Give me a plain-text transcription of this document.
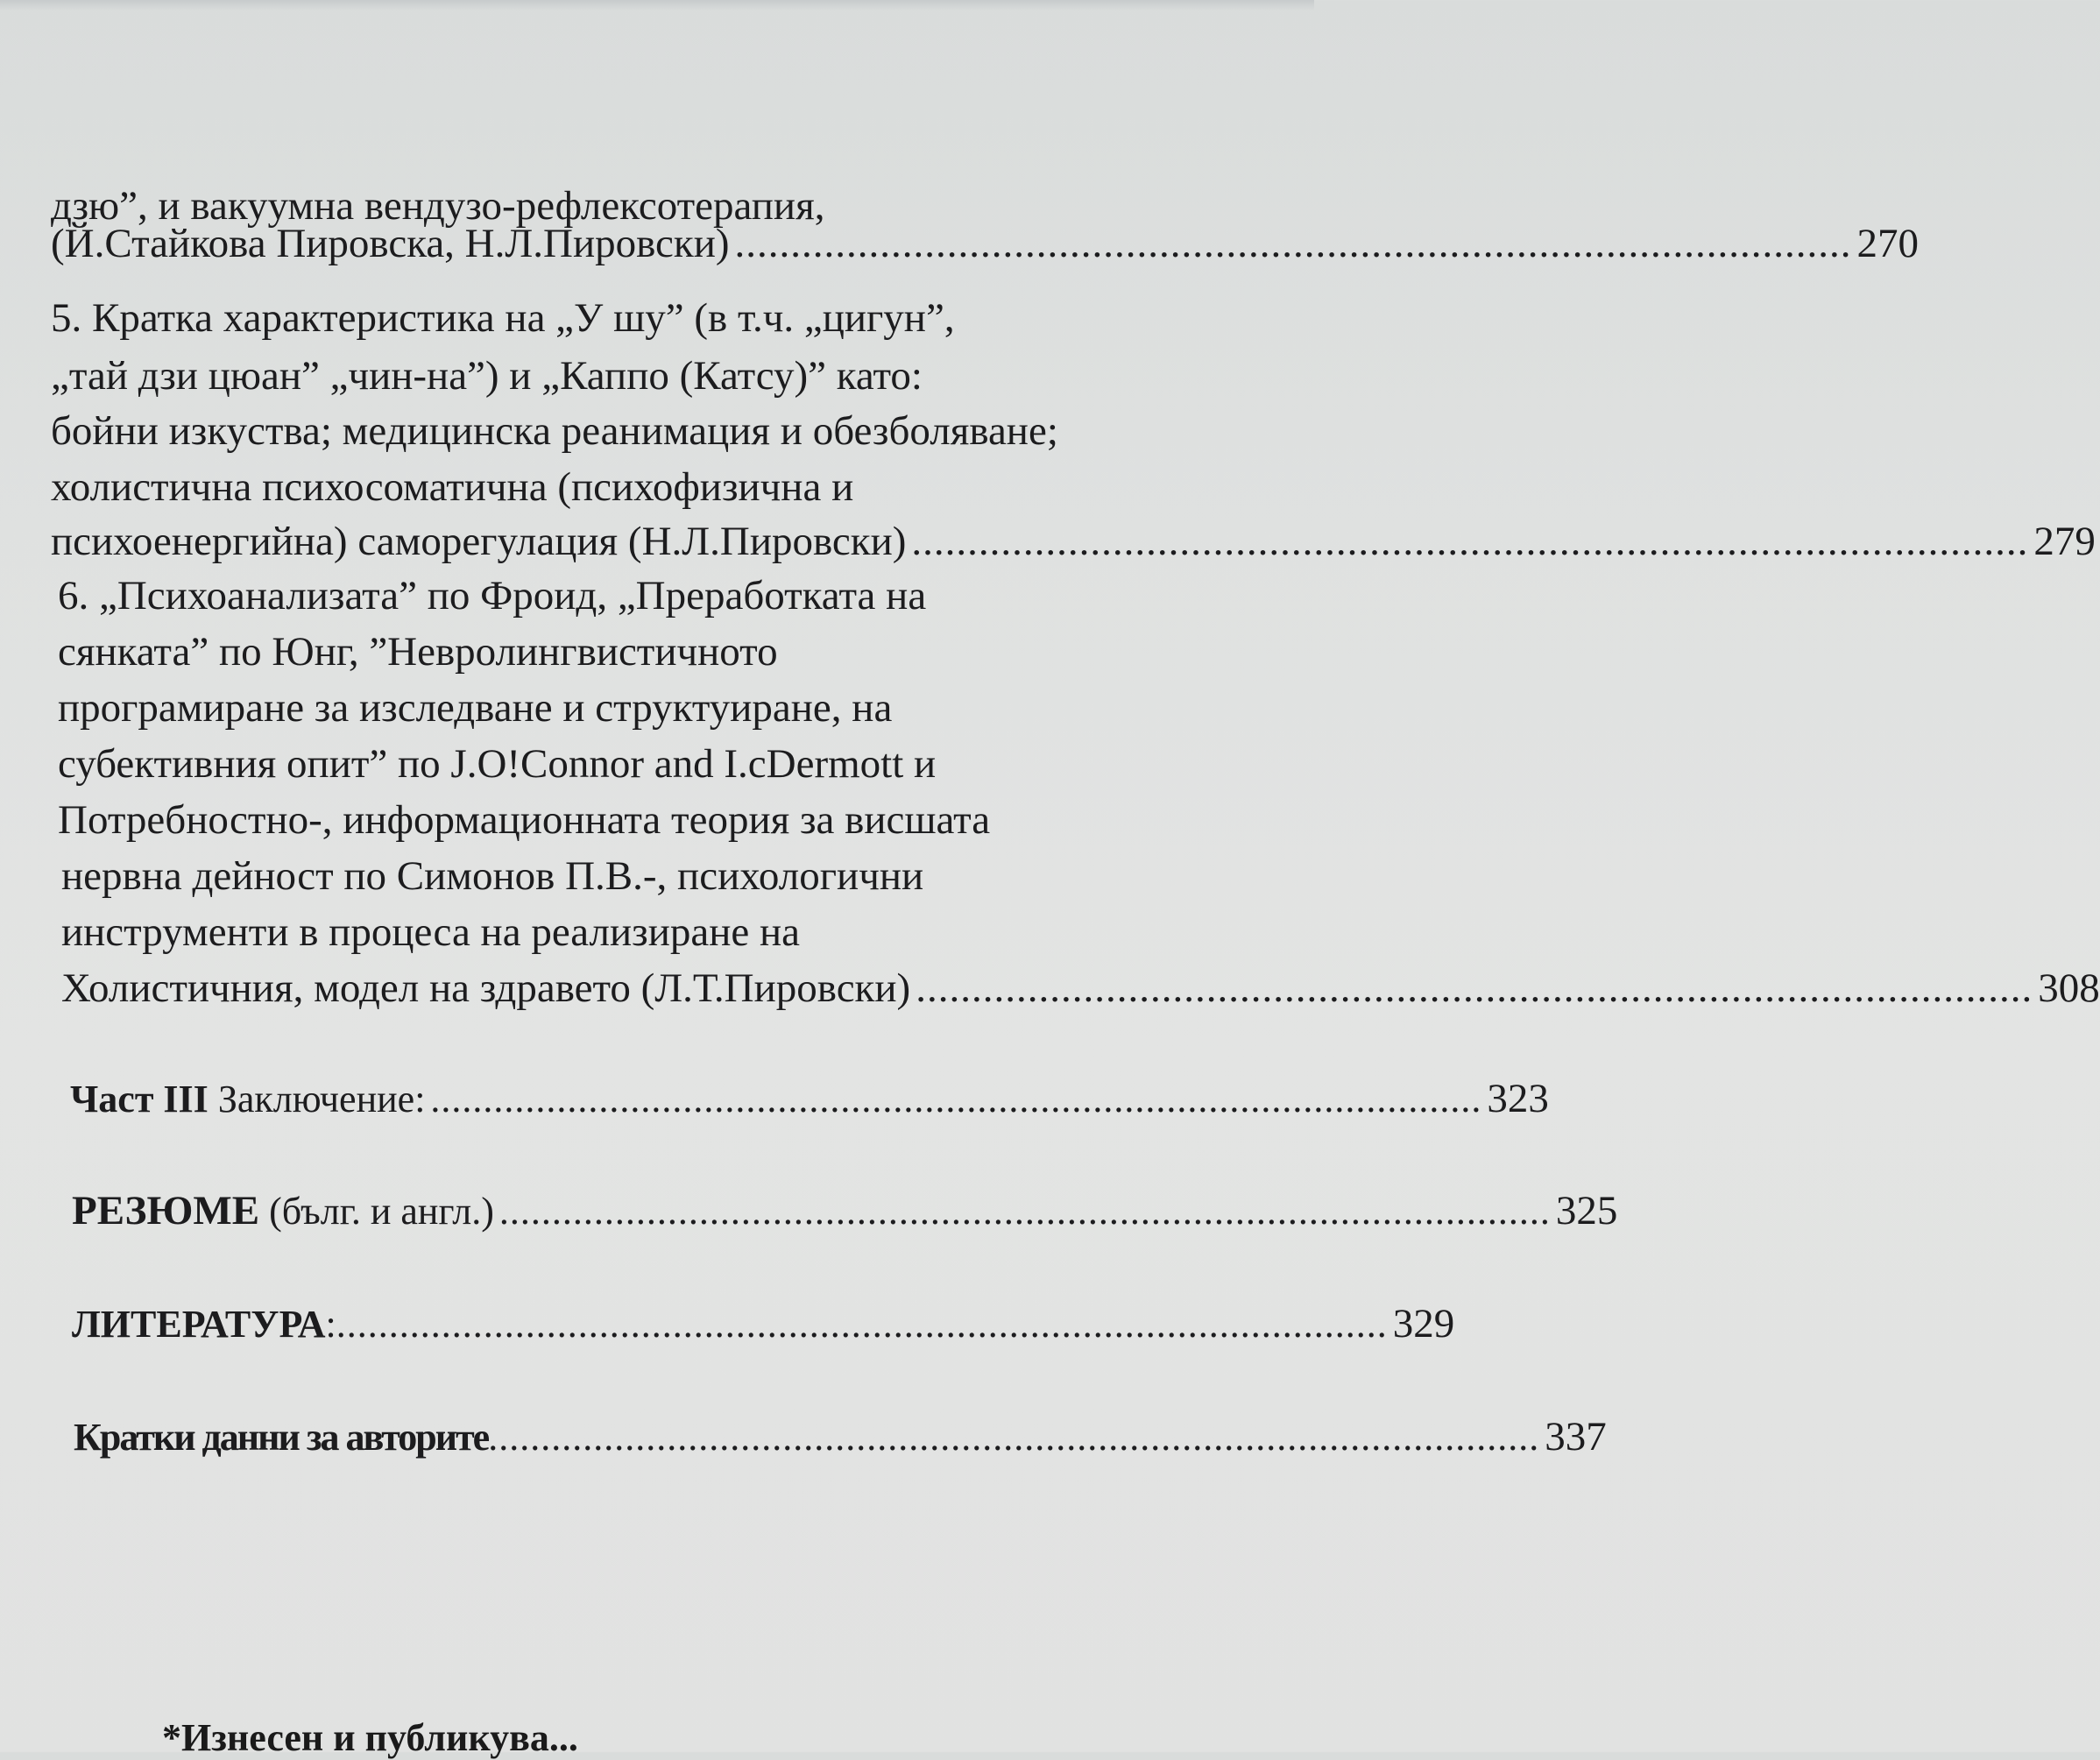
дзю”, и вакуумна вендузо-рефлексотерапия,
(Й.Стайкова Пировска, Н.Л.Пировски) .................................................................................................... 270
5. Кратка характеристика на „У шу” (в т.ч. „цигун”,
„тай дзи цюан” „чин-на”) и „Каппо (Катсу)” като:
бойни изкуства; медицинска реанимация и обезболяване;
холистична психосоматична (психофизична и
психоенергийна) саморегулация (Н.Л.Пировски) .................................................................................................... 279
6. „Психоанализата” по Фроид, „Преработката на
сянката” по Юнг, ”Невролингвистичното
програмиране за изследване и структуиране, на
субективния опит” по J.O!Connor and I.cDermott и
Потребностно-, информационната теория за висшата
нервна дейност по Симонов П.В.-, психологични
инструменти в процеса на реализиране на
Холистичния, модел на здравето (Л.Т.Пировски) .................................................................................................... 308
Част III Заключение: .................................................................................................... 323
РЕЗЮМЕ (бълг. и англ.) .................................................................................................... 325
ЛИТЕРАТУРА: .................................................................................................... 329
Кратки данни за авторите .................................................................................................... 337
*Изнесен и публикува...
